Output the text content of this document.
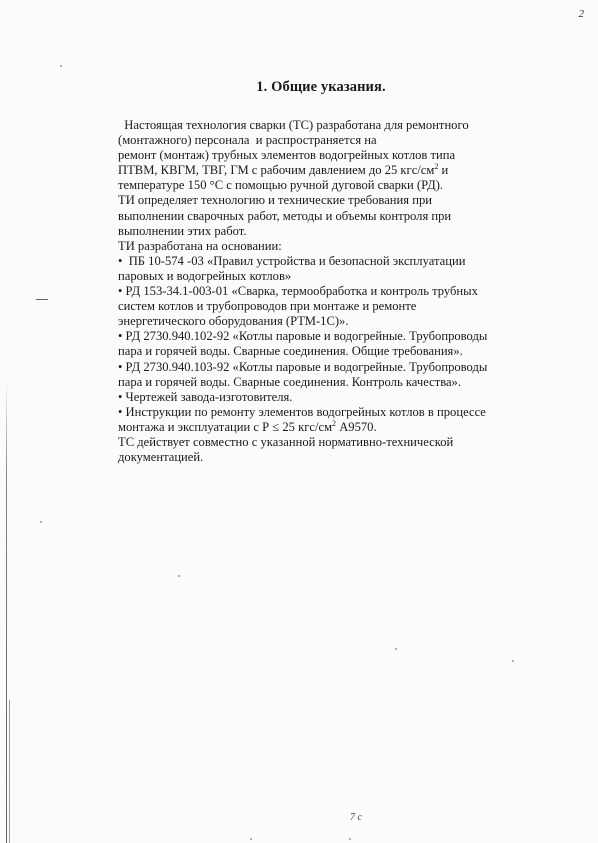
2
1. Общие указания.
Настоящая технология сварки (ТС) разработана для ремонтного
(монтажного) персонала  и распространяется на
ремонт (монтаж) трубных элементов водогрейных котлов типа
ПТВМ, КВГМ, ТВГ, ГМ с рабочим давлением до 25 кгс/$см^2$ и
температуре 150 °С с помощью ручной дуговой сварки (РД).
ТИ определяет технологию и технические требования при
выполнении сварочных работ, методы и объемы контроля при
выполнении этих работ.
ТИ разработана на основании:
•  ПБ 10-574 -03 «Правил устройства и безопасной эксплуатации
паровых и водогрейных котлов»
• РД 153-34.1-003-01 «Сварка, термообработка и контроль трубных
систем котлов и трубопроводов при монтаже и ремонте
энергетического оборудования (РТМ-1С)».
• РД 2730.940.102-92 «Котлы паровые и водогрейные. Трубопроводы
пара и горячей воды. Сварные соединения. Общие требования».
• РД 2730.940.103-92 «Котлы паровые и водогрейные. Трубопроводы
пара и горячей воды. Сварные соединения. Контроль качества».
• Чертежей завода-изготовителя.
• Инструкции по ремонту элементов водогрейных котлов в процессе
монтажа и эксплуатации с Р ≤ 25 кгс/$см^2$ А9570.
ТС действует совместно с указанной нормативно-технической
документацией.
7 c
